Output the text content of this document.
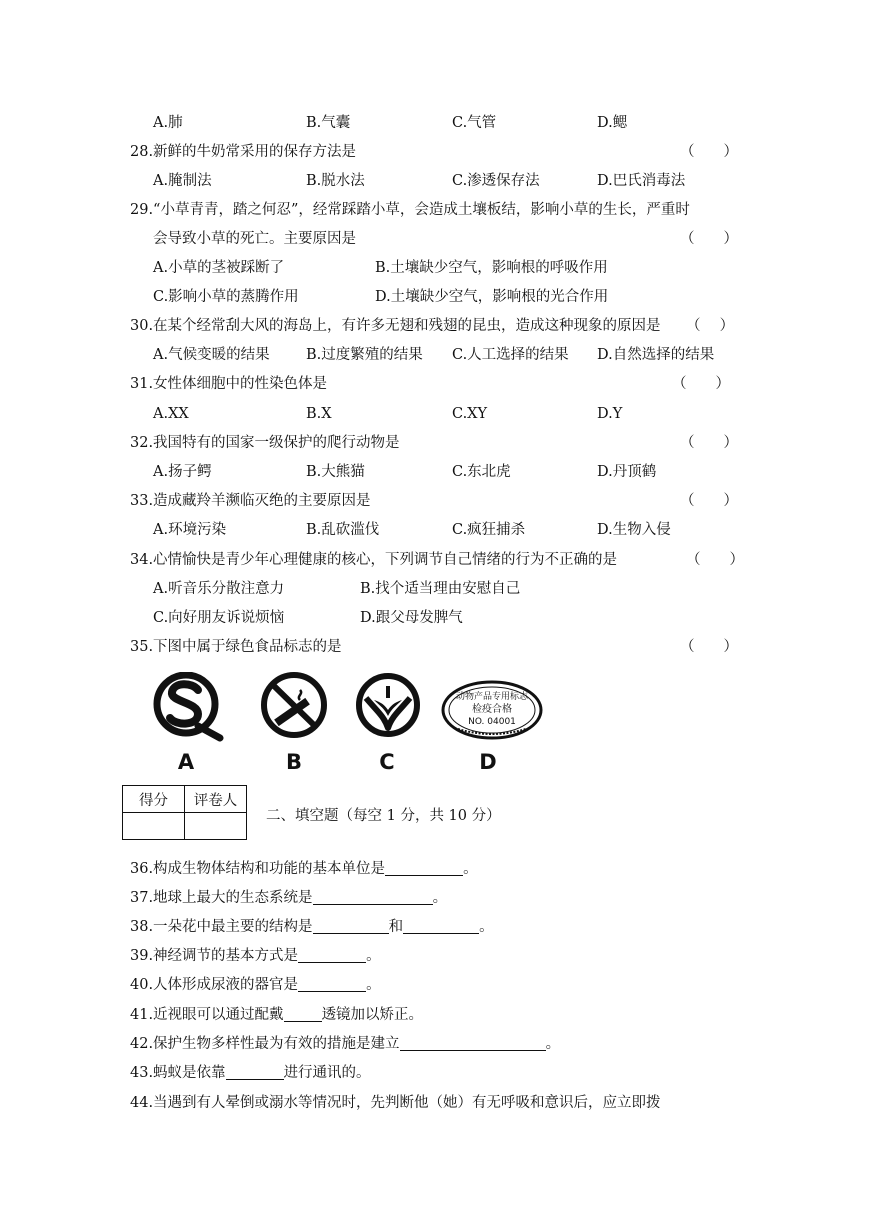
A.肺	B.气囊	C.气管	D.鳃
28.新鲜的牛奶常采用的保存方法是	（　　）
A.腌制法	B.脱水法	C.渗透保存法	D.巴氏消毒法
29.“小草青青，踏之何忍”，经常踩踏小草，会造成土壤板结，影响小草的生长，严重时
会导致小草的死亡。主要原因是	（　　）
A.小草的茎被踩断了	B.土壤缺少空气，影响根的呼吸作用
C.影响小草的蒸腾作用	D.土壤缺少空气，影响根的光合作用
30.在某个经常刮大风的海岛上，有许多无翅和残翅的昆虫，造成这种现象的原因是 （　 ）
A.气候变暖的结果	B.过度繁殖的结果 C.人工选择的结果 D.自然选择的结果
31.女性体细胞中的性染色体是	（　　）
A.XX	B.X	C.XY	D.Y
32.我国特有的国家一级保护的爬行动物是	（　　）
A.扬子鳄	B.大熊猫	C.东北虎	D.丹顶鹤
33.造成藏羚羊濒临灭绝的主要原因是	（　　）
A.环境污染	B.乱砍滥伐	C.疯狂捕杀	D.生物入侵
34.心情愉快是青少年心理健康的核心，下列调节自己情绪的行为不正确的是	（　　）
A.听音乐分散注意力	B.找个适当理由安慰自己
C.向好朋友诉说烦恼	D.跟父母发脾气
35.下图中属于绿色食品标志的是	（　　）
动物产品专用标志
检疫合格
NO. 04001
A	B	C	D
得分	评卷人

二、填空题（每空 1 分，共 10 分）
36.构成生物体结构和功能的基本单位是	。
37.地球上最大的生态系统是	。
38.一朵花中最主要的结构是	和	。
39.神经调节的基本方式是	。
40.人体形成尿液的器官是	。
41.近视眼可以通过配戴	透镜加以矫正。
42.保护生物多样性最为有效的措施是建立	。
43.蚂蚁是依靠	进行通讯的。
44.当遇到有人晕倒或溺水等情况时，先判断他（她）有无呼吸和意识后，应立即拨
